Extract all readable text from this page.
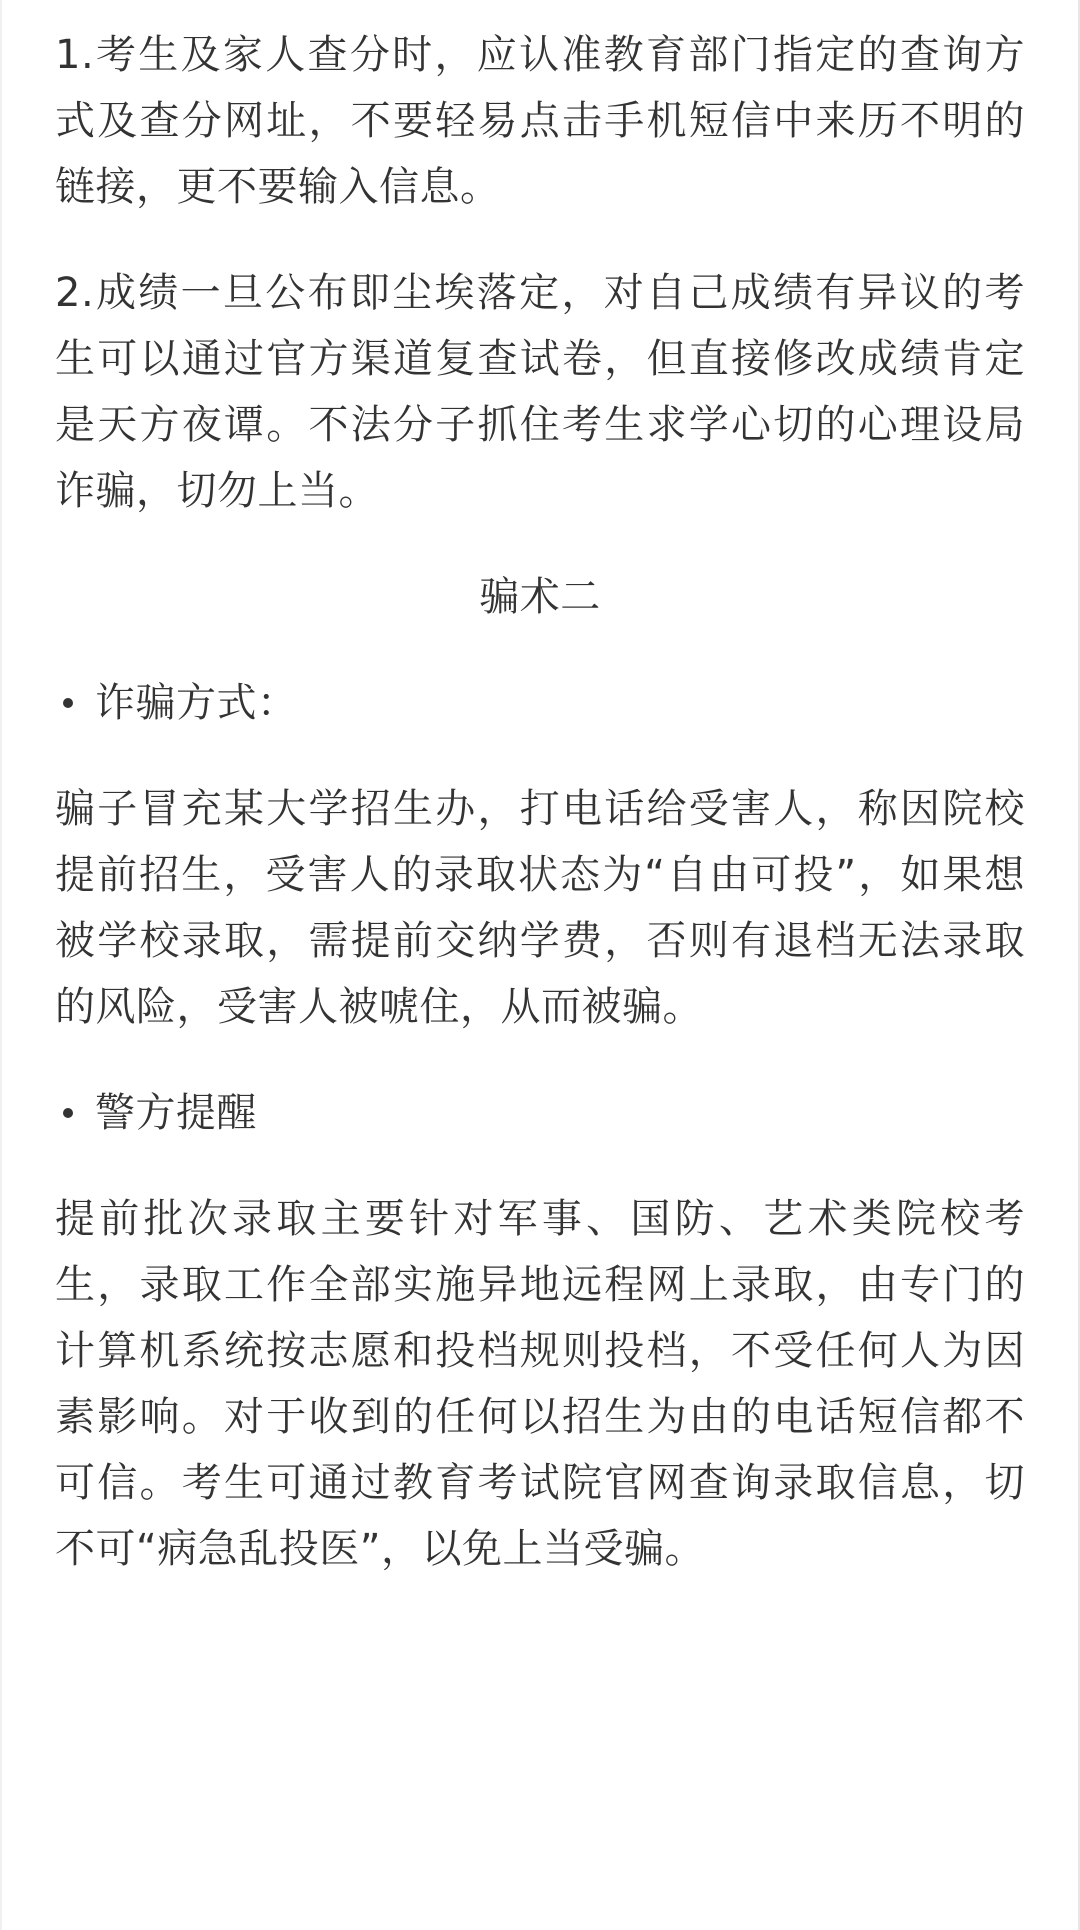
1.考生及家人查分时，应认准教育部门指定的查询方式及查分网址，不要轻易点击手机短信中来历不明的链接，更不要输入信息。

2.成绩一旦公布即尘埃落定，对自己成绩有异议的考生可以通过官方渠道复查试卷，但直接修改成绩肯定是天方夜谭。不法分子抓住考生求学心切的心理设局诈骗，切勿上当。

骗术二
诈骗方式：

骗子冒充某大学招生办，打电话给受害人，称因院校提前招生，受害人的录取状态为“自由可投”，如果想被学校录取，需提前交纳学费，否则有退档无法录取的风险，受害人被唬住，从而被骗。

警方提醒

提前批次录取主要针对军事、国防、艺术类院校考生，录取工作全部实施异地远程网上录取，由专门的计算机系统按志愿和投档规则投档，不受任何人为因素影响。对于收到的任何以招生为由的电话短信都不可信。考生可通过教育考试院官网查询录取信息，切不可“病急乱投医”，以免上当受骗。
